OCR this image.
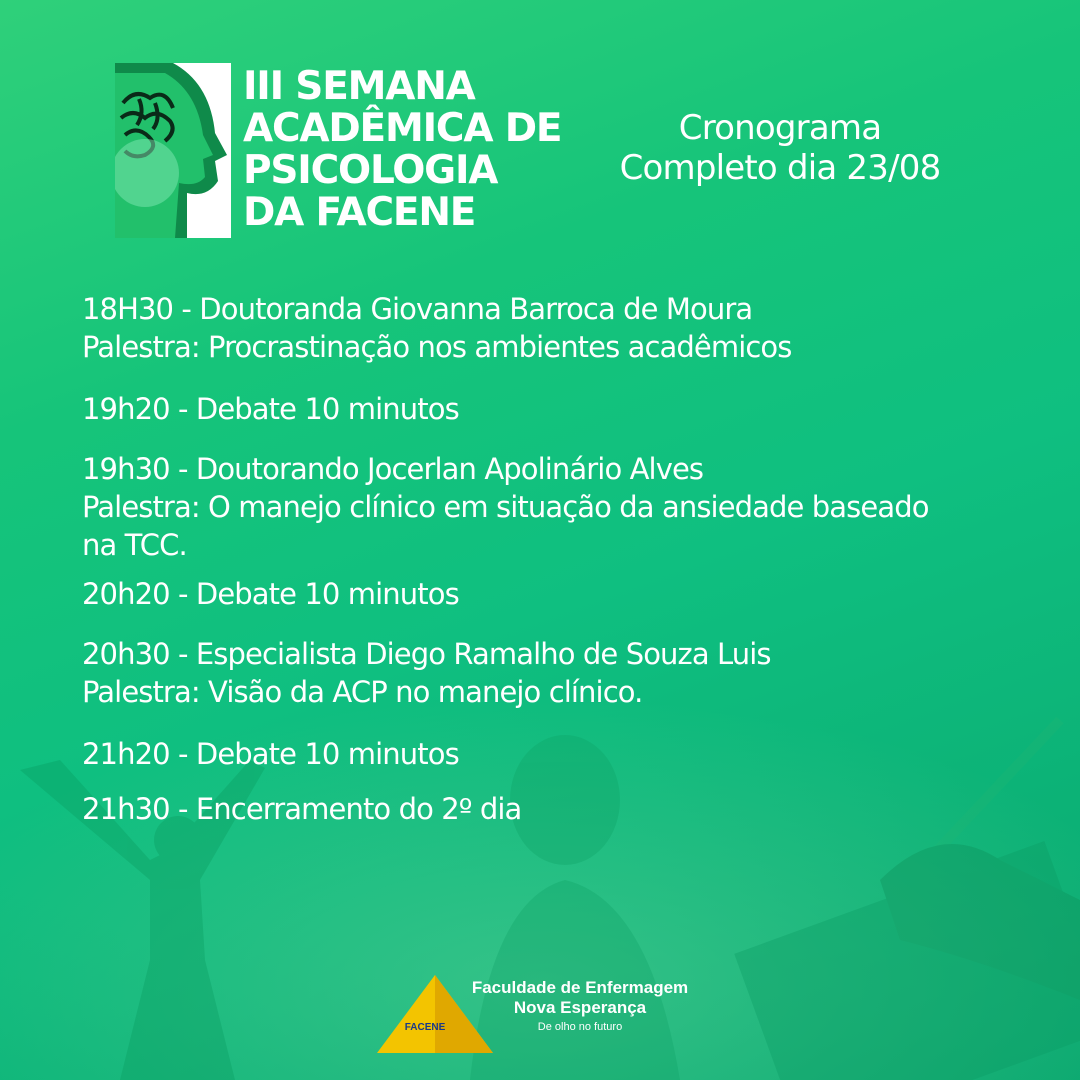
III SEMANA
ACADÊMICA DE
PSICOLOGIA
DA FACENE
Cronograma
Completo dia 23/08
18H30 - Doutoranda Giovanna Barroca de Moura
Palestra: Procrastinação nos ambientes acadêmicos
19h20 - Debate 10 minutos
19h30 - Doutorando Jocerlan Apolinário Alves
Palestra: O manejo clínico em situação da ansiedade baseado
na TCC.
20h20 - Debate 10 minutos
20h30 - Especialista Diego Ramalho de Souza Luis
Palestra: Visão da ACP no manejo clínico.
21h20 - Debate 10 minutos
21h30 - Encerramento do 2º dia
FACENE
Faculdade de Enfermagem
Nova Esperança
De olho no futuro
